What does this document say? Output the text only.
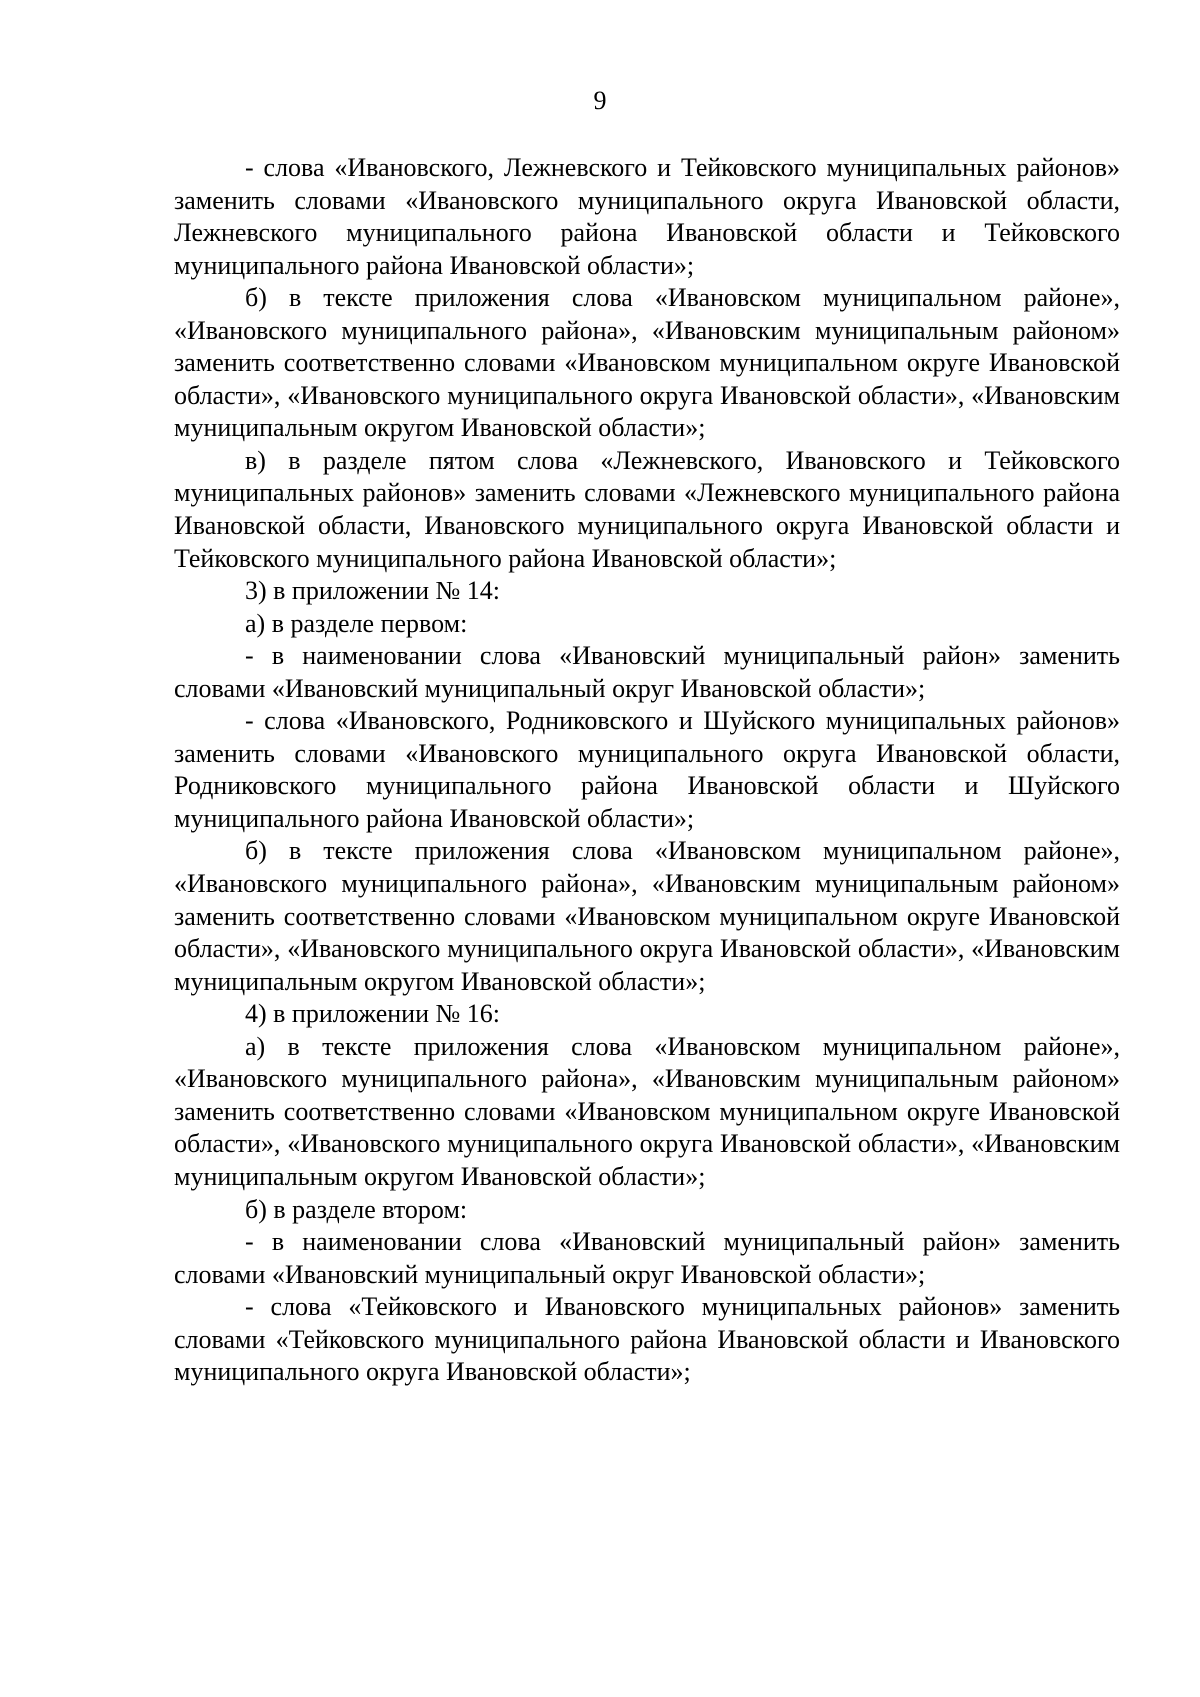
9

- слова «Ивановского, Лежневского и Тейковского муниципальных районов» заменить словами «Ивановского муниципального округа Ивановской области, Лежневского муниципального района Ивановской области и Тейковского муниципального района Ивановской области»;

б) в тексте приложения слова «Ивановском муниципальном районе», «Ивановского муниципального района», «Ивановским муниципальным районом» заменить соответственно словами «Ивановском муниципальном округе Ивановской области», «Ивановского муниципального округа Ивановской области», «Ивановским муниципальным округом Ивановской области»;

в) в разделе пятом слова «Лежневского, Ивановского и Тейковского муниципальных районов» заменить словами «Лежневского муниципального района Ивановской области, Ивановского муниципального округа Ивановской области и Тейковского муниципального района Ивановской области»;

3) в приложении № 14:

а) в разделе первом:

- в наименовании слова «Ивановский муниципальный район» заменить словами «Ивановский муниципальный округ Ивановской области»;

- слова «Ивановского, Родниковского и Шуйского муниципальных районов» заменить словами «Ивановского муниципального округа Ивановской области, Родниковского муниципального района Ивановской области и Шуйского муниципального района Ивановской области»;

б) в тексте приложения слова «Ивановском муниципальном районе», «Ивановского муниципального района», «Ивановским муниципальным районом» заменить соответственно словами «Ивановском муниципальном округе Ивановской области», «Ивановского муниципального округа Ивановской области», «Ивановским муниципальным округом Ивановской области»;

4) в приложении № 16:

а) в тексте приложения слова «Ивановском муниципальном районе», «Ивановского муниципального района», «Ивановским муниципальным районом» заменить соответственно словами «Ивановском муниципальном округе Ивановской области», «Ивановского муниципального округа Ивановской области», «Ивановским муниципальным округом Ивановской области»;

б) в разделе втором:

- в наименовании слова «Ивановский муниципальный район» заменить словами «Ивановский муниципальный округ Ивановской области»;

- слова «Тейковского и Ивановского муниципальных районов» заменить словами «Тейковского муниципального района Ивановской области и Ивановского муниципального округа Ивановской области»;
